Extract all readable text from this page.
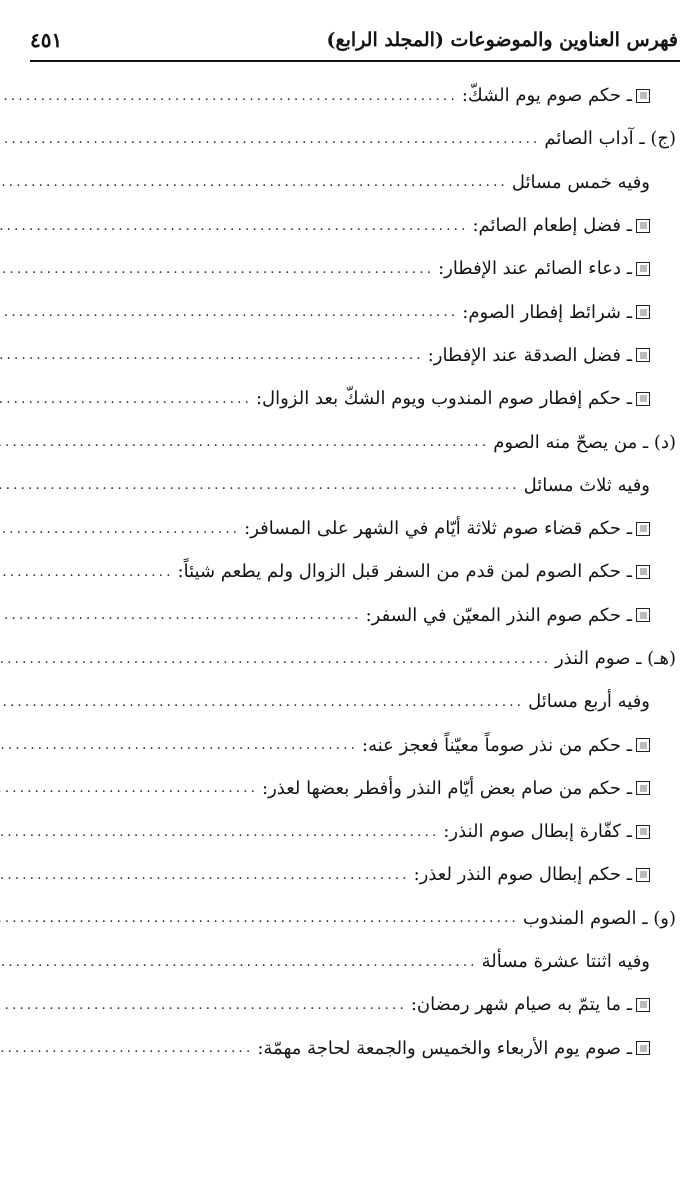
فهرس العناوين والموضوعات (المجلد الرابع)
٤٥١
ـ حكم صوم يوم الشكّ:
.....
(ج) ـ آداب الصائم
.....
وفيه خمس مسائل
.....
ـ فضل إطعام الصائم:
.....
ـ دعاء الصائم عند الإفطار:
.....
ـ شرائط إفطار الصوم:
.....
ـ فضل الصدقة عند الإفطار:
.....
ـ حكم إفطار صوم المندوب ويوم الشكّ بعد الزوال:
.....
(د) ـ من يصحّ منه الصوم
.....
وفيه ثلاث مسائل
.....
ـ حكم قضاء صوم ثلاثة أيّام في الشهر على المسافر:
.....
ـ حكم الصوم لمن قدم من السفر قبل الزوال ولم يطعم شيئاً:
.....
ـ حكم صوم النذر المعيّن في السفر:
.....
(هـ) ـ صوم النذر
.....
وفيه أربع مسائل
.....
ـ حكم من نذر صوماً معيّناً فعجز عنه:
.....
ـ حكم من صام بعض أيّام النذر وأفطر بعضها لعذر:
.....
ـ كفّارة إبطال صوم النذر:
.....
ـ حكم إبطال صوم النذر لعذر:
.....
(و) ـ الصوم المندوب
.....
وفيه اثنتا عشرة مسألة
.....
ـ ما يتمّ به صيام شهر رمضان:
.....
ـ صوم يوم الأربعاء والخميس والجمعة لحاجة مهمّة:
.....
